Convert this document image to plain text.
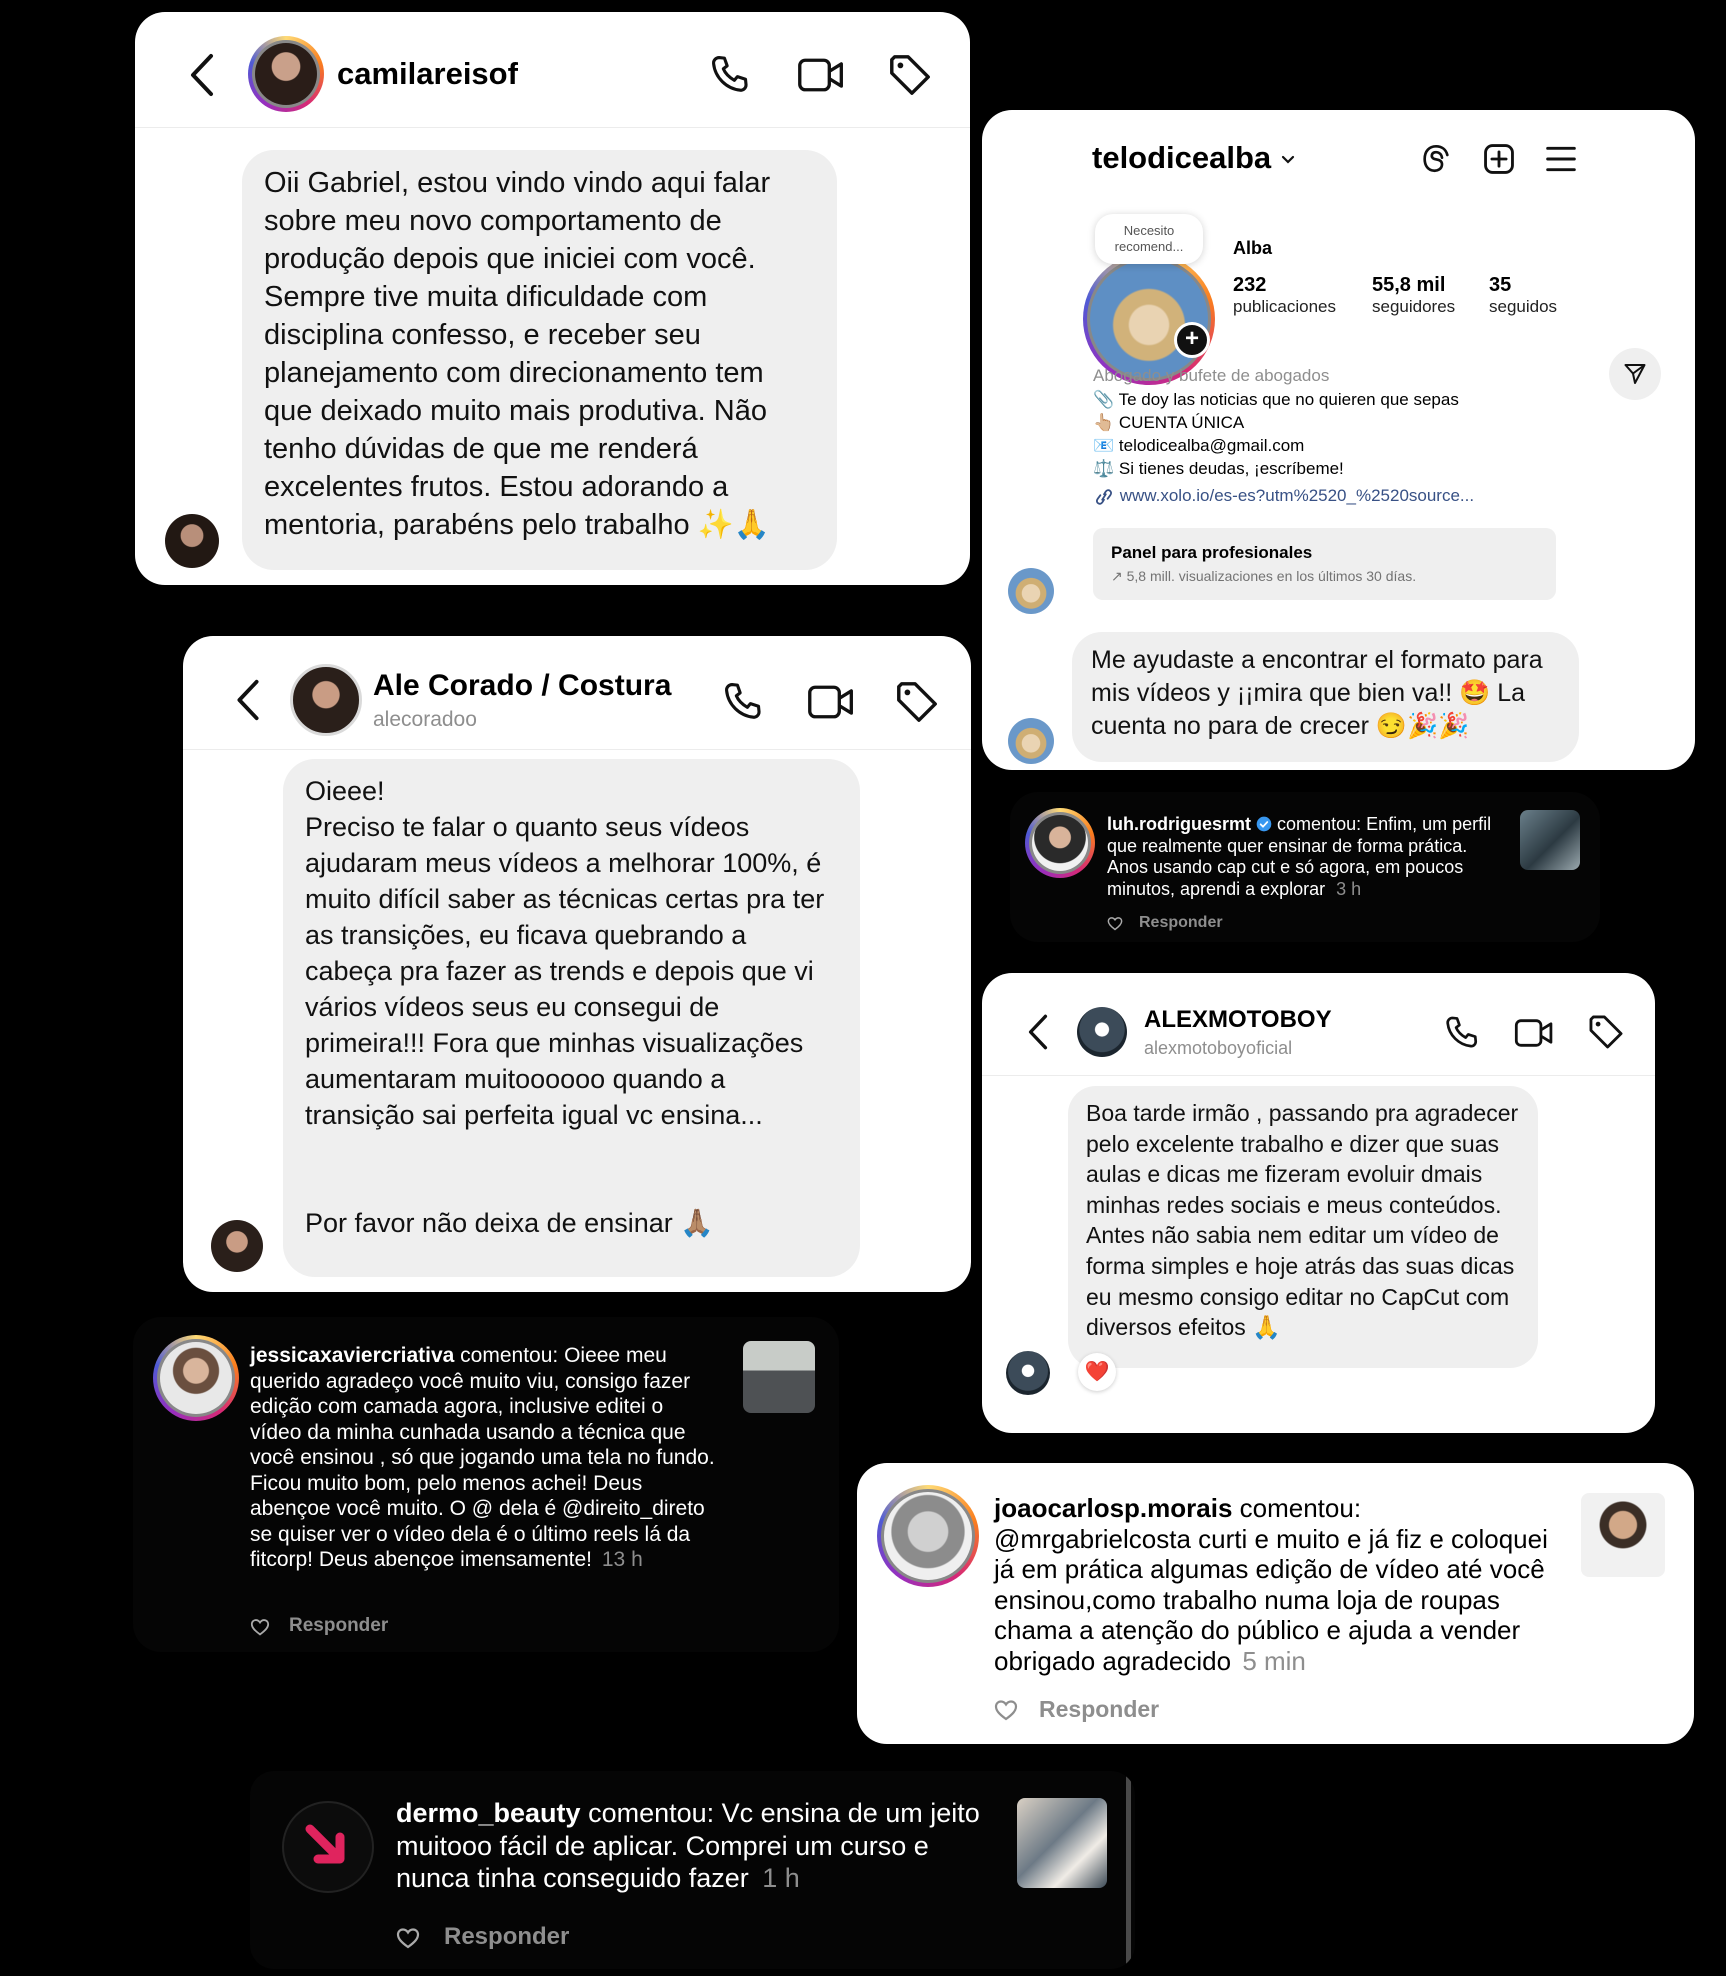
camilareisof
Oii Gabriel, estou vindo vindo aqui falar sobre meu novo comportamento de produção depois que iniciei com você. Sempre tive muita dificuldade com disciplina confesso, e receber seu planejamento com direcionamento tem que deixado muito mais produtiva. Não tenho dúvidas de que me renderá excelentes frutos. Estou adorando a mentoria, parabéns pelo trabalho ✨🙏
telodicealba
+
Necesito recomend...	Alba
232
publicaciones
55,8 mil
seguidores
35
seguidos
Abogado y bufete de abogados
📎 Te doy las noticias que no quieren que sepas
👆🏼 CUENTA ÚNICA
📧 telodicealba@gmail.com
⚖️ Si tienes deudas, ¡escríbeme!
www.xolo.io/es-es?utm%2520_%2520source...
Panel para profesionales
↗ 5,8 mill. visualizaciones en los últimos 30 días.
Me ayudaste a encontrar el formato para mis vídeos y ¡¡mira que bien va!! 🤩 La cuenta no para de crecer 😏🎉🎉
luh.rodriguesrmt  comentou: Enfim, um perfil que realmente quer ensinar de forma prática. Anos usando cap cut e só agora, em poucos minutos, aprendi a explorar 3 h
Responder
Ale Corado / Costura
alecoradoo
Oieee!
Preciso te falar o quanto seus vídeos ajudaram meus vídeos a melhorar 100%, é muito difícil saber as técnicas certas pra ter as transições, eu ficava quebrando a cabeça pra fazer as trends e depois que vi vários vídeos seus eu consegui de primeira!!! Fora que minhas visualizações aumentaram muitoooooo quando a transição sai perfeita igual vc ensina...
Por favor não deixa de ensinar 🙏🏽
ALEXMOTOBOY
alexmotoboyoficial
Boa tarde irmão , passando pra agradecer pelo excelente trabalho e dizer que suas aulas e dicas me fizeram evoluir dmais minhas redes sociais e meus conteúdos.
Antes não sabia nem editar um vídeo de forma simples e hoje atrás das suas dicas eu mesmo consigo editar no CapCut com diversos efeitos 🙏
❤️
jessicaxaviercriativa comentou: Oieee meu querido agradeço você muito viu, consigo fazer edição com camada agora, inclusive editei o vídeo da minha cunhada usando a técnica que você ensinou , só que jogando uma tela no fundo. Ficou muito bom, pelo menos achei! Deus abençoe você muito. O @ dela é @direito_direto se quiser ver o vídeo dela é o último reels lá da fitcorp! Deus abençoe imensamente! 13 h
Responder
joaocarlosp.morais comentou:
@mrgabrielcosta curti e muito e já fiz e coloquei já em prática algumas edição de vídeo até você ensinou,como trabalho numa loja de roupas chama a atenção do público e ajuda a vender obrigado agradecido 5 min
Responder
dermo_beauty comentou: Vc ensina de um jeito muitooo fácil de aplicar. Comprei um curso e nunca tinha conseguido fazer 1 h
Responder
